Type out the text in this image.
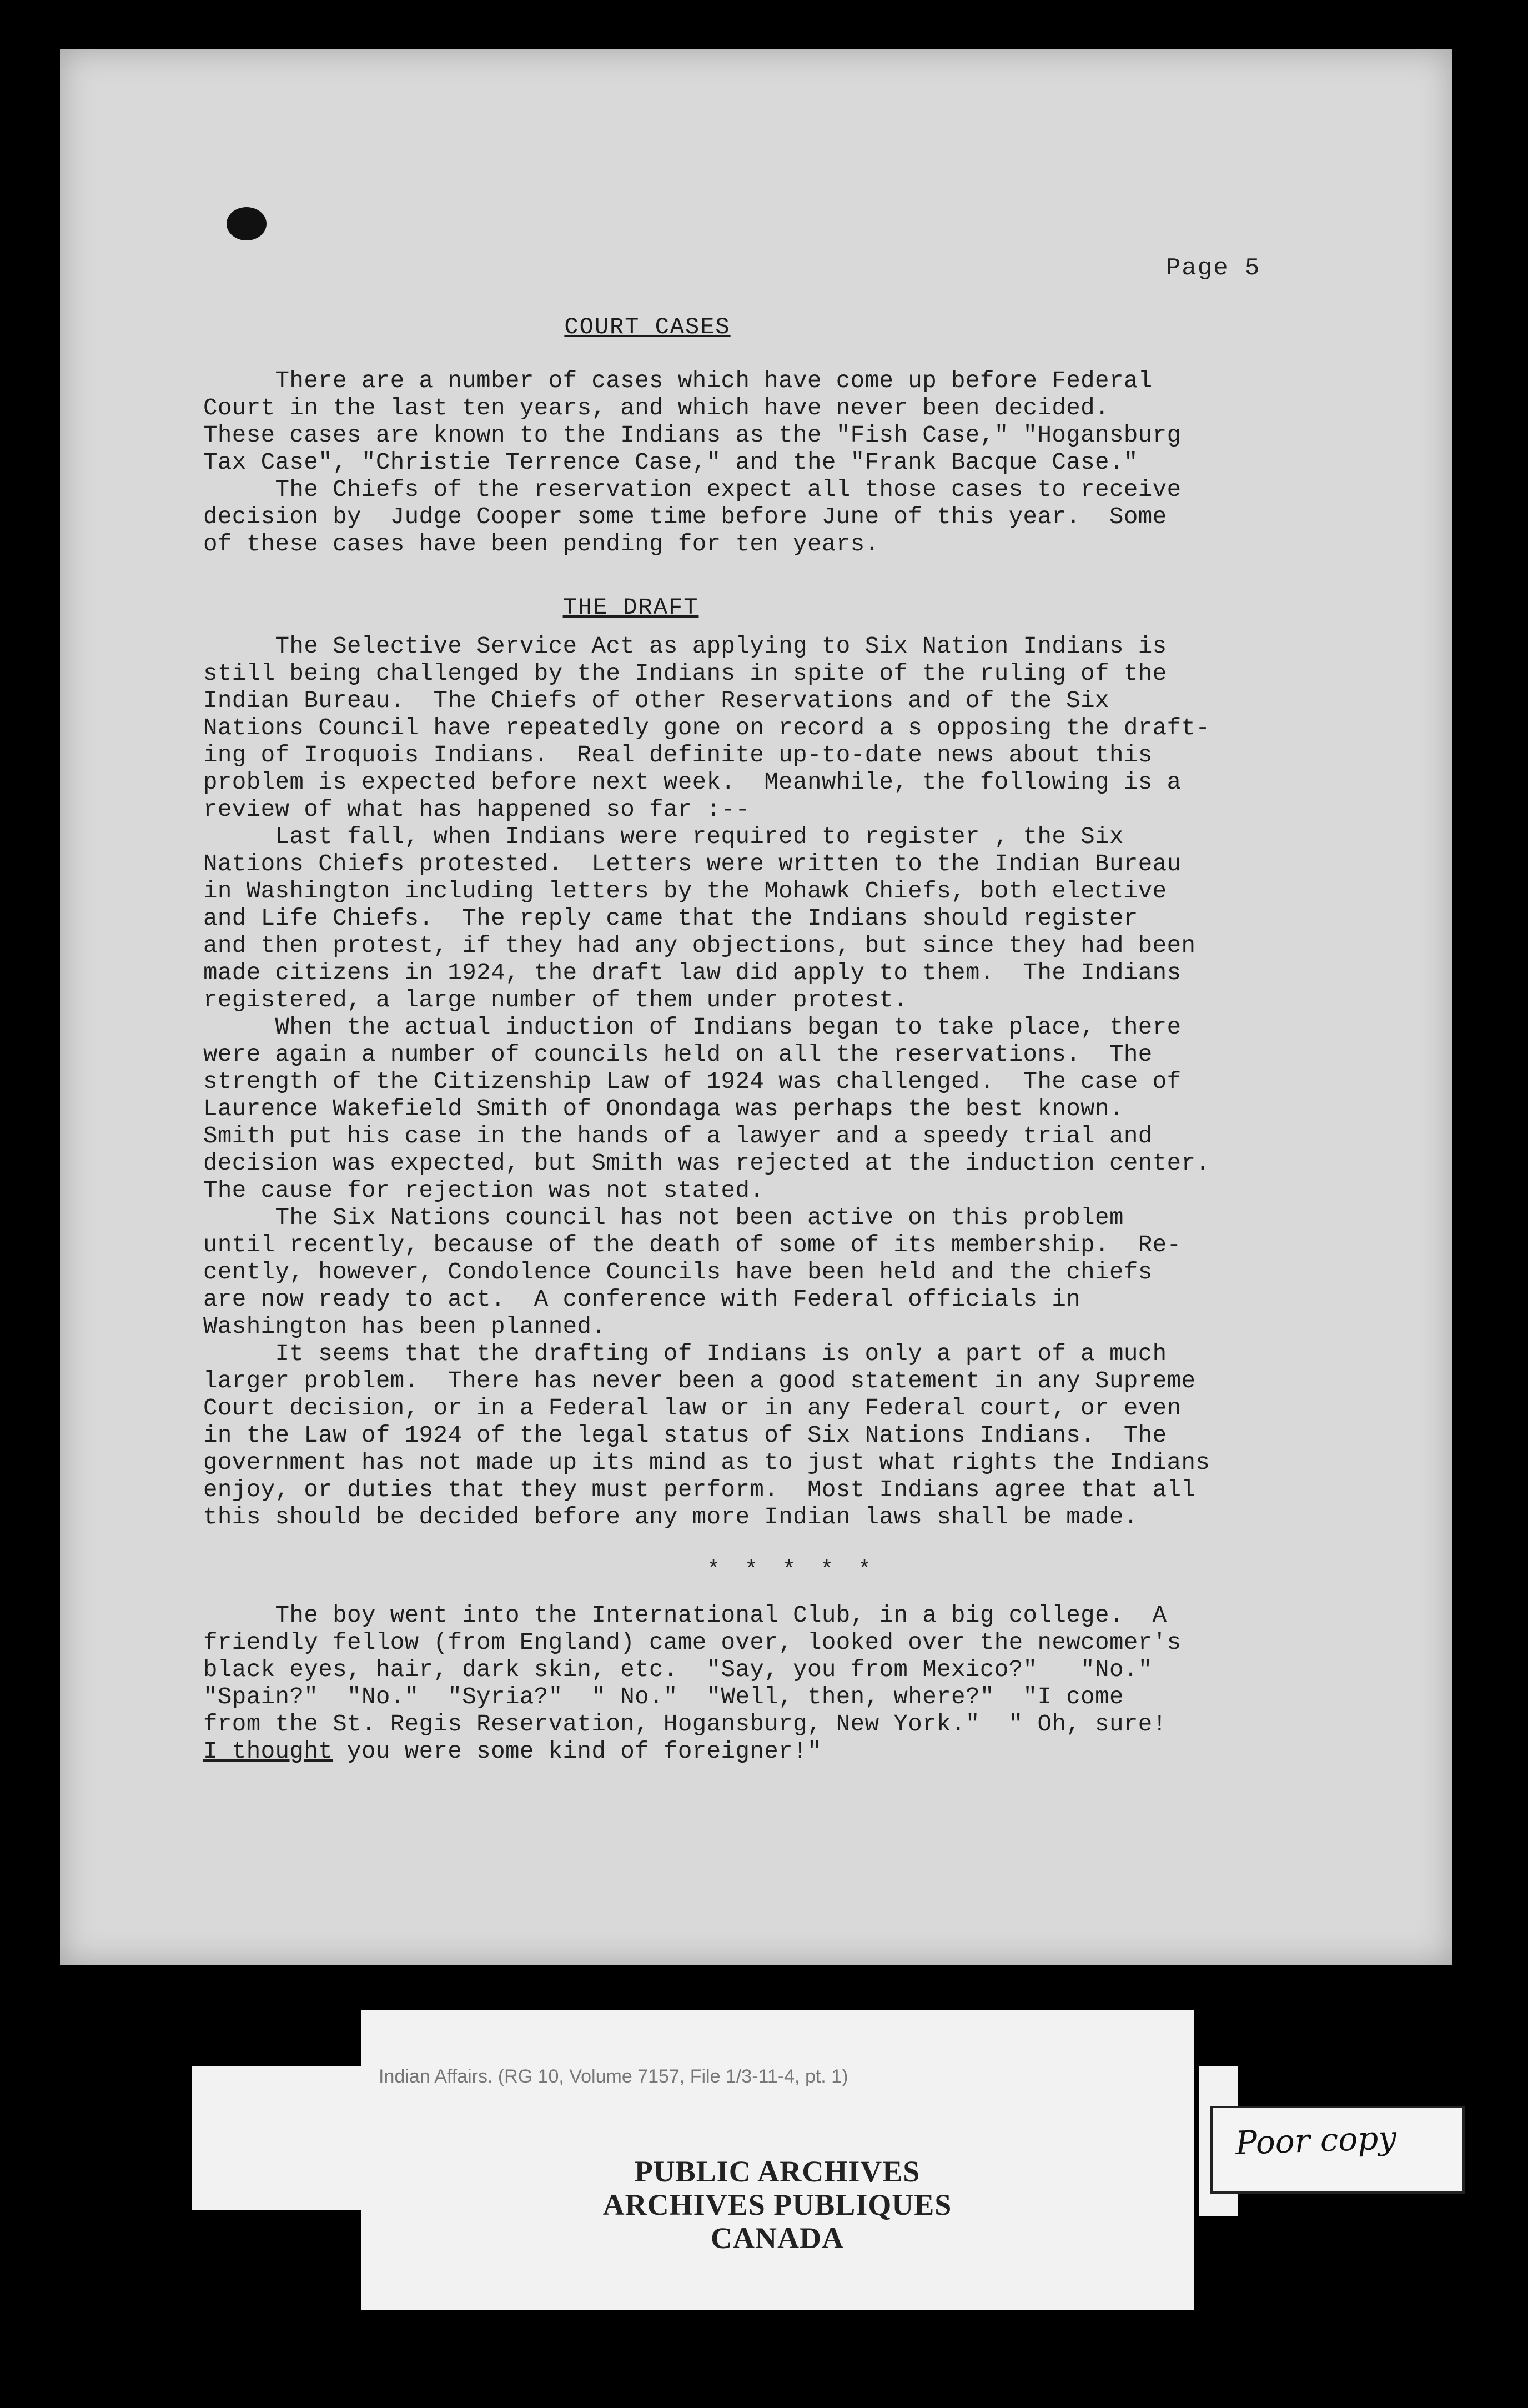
Page 5
COURT CASES
There are a number of cases which have come up before Federal
Court in the last ten years, and which have never been decided.
These cases are known to the Indians as the "Fish Case," "Hogansburg
Tax Case", "Christie Terrence Case," and the "Frank Bacque Case."
The Chiefs of the reservation expect all those cases to receive
decision by  Judge Cooper some time before June of this year.  Some
of these cases have been pending for ten years.
THE DRAFT
The Selective Service Act as applying to Six Nation Indians is
still being challenged by the Indians in spite of the ruling of the
Indian Bureau.  The Chiefs of other Reservations and of the Six
Nations Council have repeatedly gone on record a s opposing the draft-
ing of Iroquois Indians.  Real definite up-to-date news about this
problem is expected before next week.  Meanwhile, the following is a
review of what has happened so far :--
Last fall, when Indians were required to register , the Six
Nations Chiefs protested.  Letters were written to the Indian Bureau
in Washington including letters by the Mohawk Chiefs, both elective
and Life Chiefs.  The reply came that the Indians should register
and then protest, if they had any objections, but since they had been
made citizens in 1924, the draft law did apply to them.  The Indians
registered, a large number of them under protest.
When the actual induction of Indians began to take place, there
were again a number of councils held on all the reservations.  The
strength of the Citizenship Law of 1924 was challenged.  The case of
Laurence Wakefield Smith of Onondaga was perhaps the best known.
Smith put his case in the hands of a lawyer and a speedy trial and
decision was expected, but Smith was rejected at the induction center.
The cause for rejection was not stated.
The Six Nations council has not been active on this problem
until recently, because of the death of some of its membership.  Re-
cently, however, Condolence Councils have been held and the chiefs
are now ready to act.  A conference with Federal officials in
Washington has been planned.
It seems that the drafting of Indians is only a part of a much
larger problem.  There has never been a good statement in any Supreme
Court decision, or in a Federal law or in any Federal court, or even
in the Law of 1924 of the legal status of Six Nations Indians.  The
government has not made up its mind as to just what rights the Indians
enjoy, or duties that they must perform.  Most Indians agree that all
this should be decided before any more Indian laws shall be made.
* * * * *
The boy went into the International Club, in a big college.  A
friendly fellow (from England) came over, looked over the newcomer's
black eyes, hair, dark skin, etc.  "Say, you from Mexico?"   "No."
"Spain?"  "No."  "Syria?"  " No."  "Well, then, where?"  "I come
from the St. Regis Reservation, Hogansburg, New York."  " Oh, sure!
I thought you were some kind of foreigner!"
Indian Affairs. (RG 10, Volume 7157, File 1/3-11-4, pt. 1)
PUBLIC ARCHIVES
ARCHIVES PUBLIQUES
CANADA
Poor copy
